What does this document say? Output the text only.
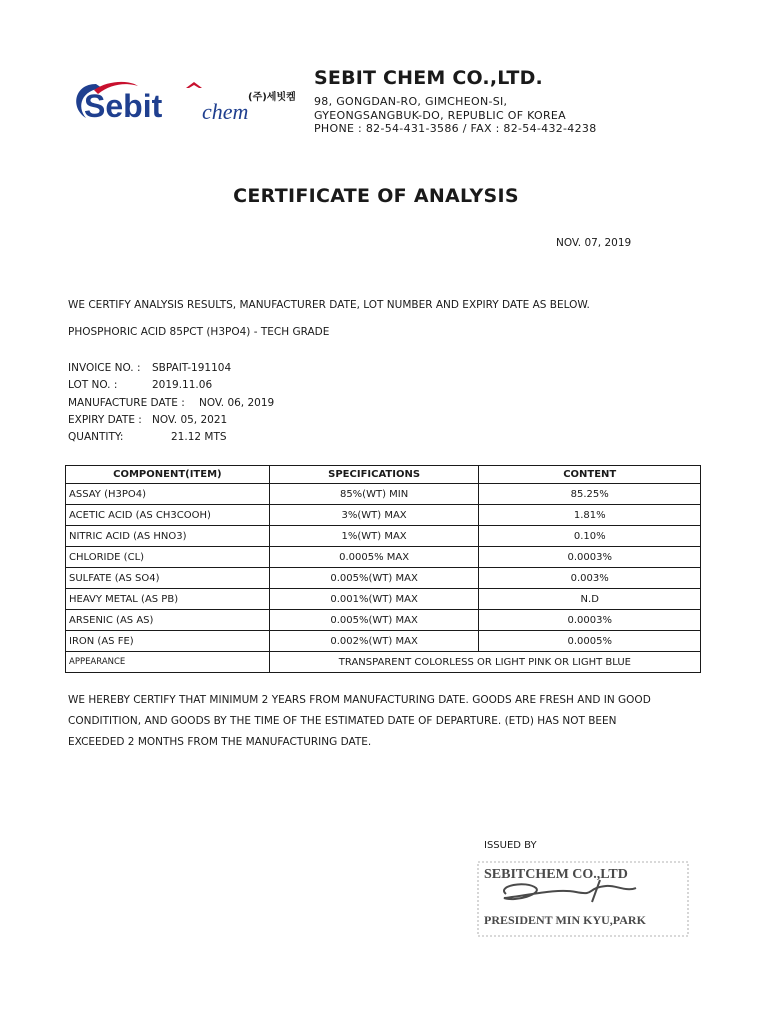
Sebit chem
(주)세빗켐
SEBIT CHEM CO.,LTD.
98, GONGDAN-RO, GIMCHEON-SI,
GYEONGSANGBUK-DO, REPUBLIC OF KOREA
PHONE : 82-54-431-3586 / FAX : 82-54-432-4238
CERTIFICATE OF ANALYSIS
NOV. 07, 2019
WE CERTIFY ANALYSIS RESULTS, MANUFACTURER DATE, LOT NUMBER AND EXPIRY DATE AS BELOW.
PHOSPHORIC ACID 85PCT (H3PO4) - TECH GRADE
INVOICE NO. : SBPAIT-191104
LOT NO. :	2019.11.06
MANUFACTURE DATE : NOV. 06, 2019
EXPIRY DATE : NOV. 05, 2021
QUANTITY:	21.12 MTS
COMPONENT(ITEM)	SPECIFICATIONS	CONTENT
ASSAY (H3PO4)	85%(WT) MIN	85.25%
ACETIC ACID (AS CH3COOH)	3%(WT) MAX	1.81%
NITRIC ACID (AS HNO3)	1%(WT) MAX	0.10%
CHLORIDE (CL)	0.0005% MAX	0.0003%
SULFATE (AS SO4)	0.005%(WT) MAX	0.003%
HEAVY METAL (AS PB)	0.001%(WT) MAX	N.D
ARSENIC (AS AS)	0.005%(WT) MAX	0.0003%
IRON (AS FE)	0.002%(WT) MAX	0.0005%
APPEARANCE	TRANSPARENT COLORLESS OR LIGHT PINK OR LIGHT BLUE	
WE HEREBY CERTIFY THAT MINIMUM 2 YEARS FROM MANUFACTURING DATE. GOODS ARE FRESH AND IN GOOD
CONDITITION, AND GOODS BY THE TIME OF THE ESTIMATED DATE OF DEPARTURE. (ETD) HAS NOT BEEN
EXCEEDED 2 MONTHS FROM THE MANUFACTURING DATE.
ISSUED BY
SEBITCHEM CO.,LTD
PRESIDENT MIN KYU,PARK
